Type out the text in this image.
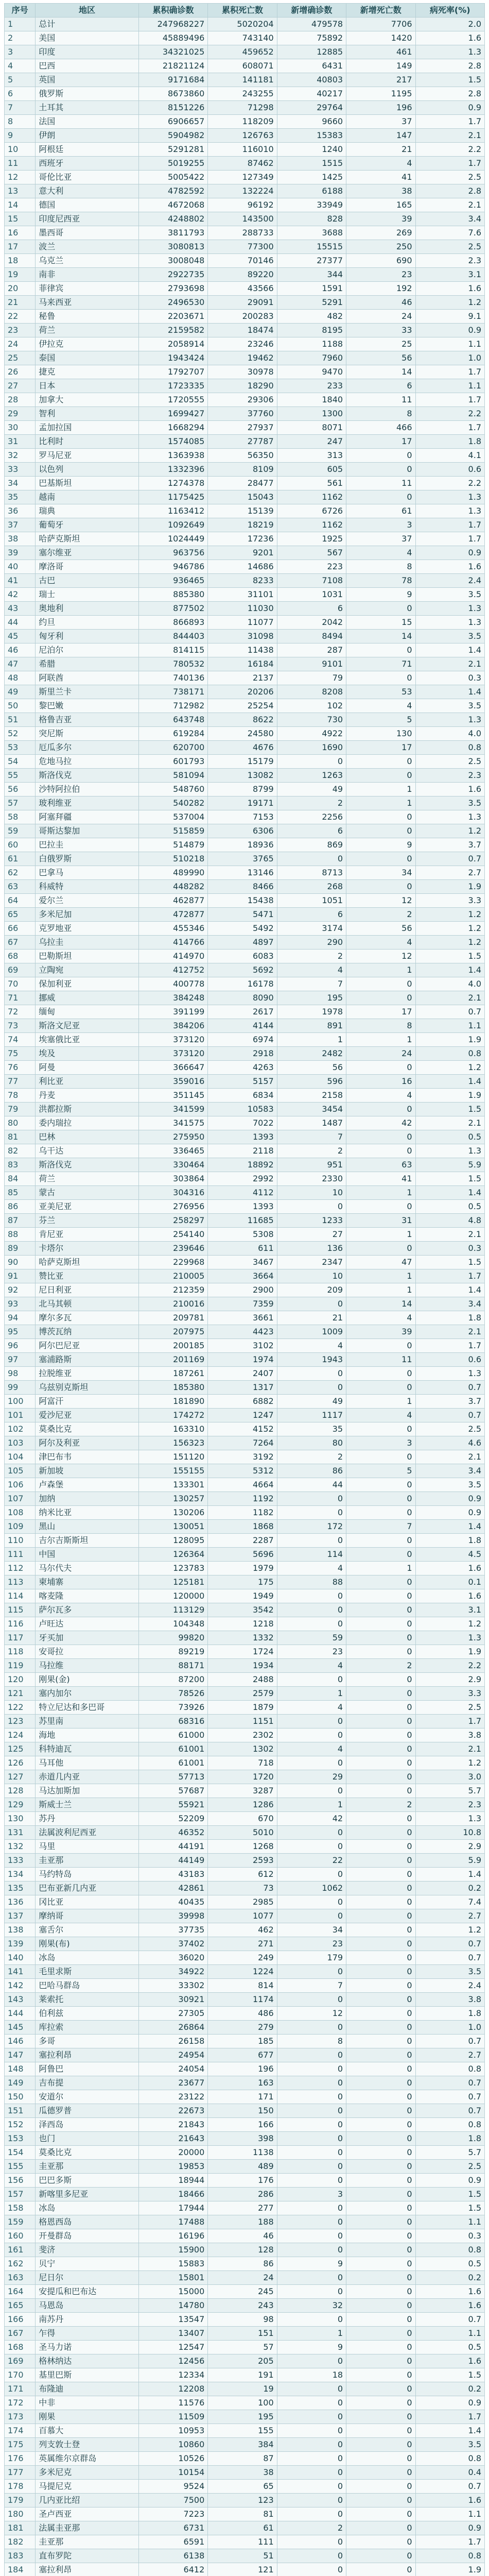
序号	地区	累积确诊数	累积死亡数	新增确诊数	新增死亡数	病死率(%)
1	总计	247968227	5020204	479578	7706	2.0
2	美国	45889496	743140	75892	1420	1.6
3	印度	34321025	459652	12885	461	1.3
4	巴西	21821124	608071	6431	149	2.8
5	英国	9171684	141181	40803	217	1.5
6	俄罗斯	8673860	243255	40217	1195	2.8
7	土耳其	8151226	71298	29764	196	0.9
8	法国	6906657	118209	9660	37	1.7
9	伊朗	5904982	126763	15383	147	2.1
10	阿根廷	5291281	116010	1240	21	2.2
11	西班牙	5019255	87462	1515	4	1.7
12	哥伦比亚	5005422	127349	1425	41	2.5
13	意大利	4782592	132224	6188	38	2.8
14	德国	4672068	96192	33949	165	2.1
15	印度尼西亚	4248802	143500	828	39	3.4
16	墨西哥	3811793	288733	3688	269	7.6
17	波兰	3080813	77300	15515	250	2.5
18	乌克兰	3008048	70146	27377	690	2.3
19	南非	2922735	89220	344	23	3.1
20	菲律宾	2793698	43566	1591	192	1.6
21	马来西亚	2496530	29091	5291	46	1.2
22	秘鲁	2203671	200283	482	24	9.1
23	荷兰	2159582	18474	8195	33	0.9
24	伊拉克	2058914	23246	1188	25	1.1
25	泰国	1943424	19462	7960	56	1.0
26	捷克	1792707	30978	9470	14	1.7
27	日本	1723335	18290	233	6	1.1
28	加拿大	1720555	29306	1840	11	1.7
29	智利	1699427	37760	1300	8	2.2
30	孟加拉国	1668294	27937	8071	466	1.7
31	比利时	1574085	27787	247	17	1.8
32	罗马尼亚	1363938	56350	313	0	4.1
33	以色列	1332396	8109	605	0	0.6
34	巴基斯坦	1274378	28477	561	11	2.2
35	越南	1175425	15043	1162	0	1.3
36	瑞典	1163412	15139	6726	61	1.3
37	葡萄牙	1092649	18219	1162	3	1.7
38	哈萨克斯坦	1024449	17236	1925	37	1.7
39	塞尔维亚	963756	9201	567	4	0.9
40	摩洛哥	946786	14686	223	8	1.6
41	古巴	936465	8233	7108	78	2.4
42	瑞士	885380	31101	1031	9	3.5
43	奥地利	877502	11030	6	0	1.3
44	约旦	866893	11077	2042	15	1.3
45	匈牙利	844403	31098	8494	14	3.5
46	尼泊尔	814115	11438	287	0	1.4
47	希腊	780532	16184	9101	71	2.1
48	阿联酋	740136	2137	79	0	0.3
49	斯里兰卡	738171	20206	8208	53	1.4
50	黎巴嫩	712982	25254	102	4	3.5
51	格鲁吉亚	643748	8622	730	5	1.3
52	突尼斯	619284	24580	4922	130	4.0
53	厄瓜多尔	620700	4676	1690	17	0.8
54	危地马拉	601793	15179	0	0	2.5
55	斯洛伐克	581094	13082	1263	0	2.3
56	沙特阿拉伯	548760	8799	49	1	1.6
57	玻利维亚	540282	19171	2	1	3.5
58	阿塞拜疆	537004	7153	2256	0	1.3
59	哥斯达黎加	515859	6306	6	0	1.2
60	巴拉圭	514879	18936	869	9	3.7
61	白俄罗斯	510218	3765	0	0	0.7
62	巴拿马	489990	13146	8713	34	2.7
63	科威特	448282	8466	268	0	1.9
64	爱尔兰	462877	15438	1051	12	3.3
65	多米尼加	472877	5471	6	2	1.2
66	克罗地亚	455346	5492	3174	56	1.2
67	乌拉圭	414766	4897	290	4	1.2
68	巴勒斯坦	414970	6083	2	12	1.5
69	立陶宛	412752	5692	4	1	1.4
70	保加利亚	400778	16178	7	0	4.0
71	挪威	384248	8090	195	0	2.1
72	缅甸	391199	2617	1978	17	0.7
73	斯洛文尼亚	384206	4144	891	8	1.1
74	埃塞俄比亚	373120	6974	1	1	1.9
75	埃及	373120	2918	2482	24	0.8
76	阿曼	366647	4263	56	0	1.2
77	利比亚	359016	5157	596	16	1.4
78	丹麦	351145	6834	2158	4	1.9
79	洪都拉斯	341599	10583	3454	0	1.5
80	委内瑞拉	341575	7022	1487	42	2.1
81	巴林	275950	1393	7	0	0.5
82	乌干达	336465	2118	2	0	1.3
83	斯洛伐克	330464	18892	951	63	5.9
84	荷兰	303864	2992	2330	41	1.5
85	蒙古	304316	4112	10	1	1.4
86	亚美尼亚	276956	1393	0	0	0.5
87	芬兰	258297	11685	1233	31	4.8
88	肯尼亚	254140	5308	27	1	2.1
89	卡塔尔	239646	611	136	0	0.3
90	哈萨克斯坦	229968	3467	2347	47	1.5
91	赞比亚	210005	3664	10	1	1.7
92	尼日利亚	212359	2900	209	1	1.4
93	北马其顿	210016	7359	0	14	3.4
94	摩尔多瓦	209781	3661	21	4	1.8
95	博茨瓦纳	207975	4423	1009	39	2.1
96	阿尔巴尼亚	200185	3102	4	0	1.7
97	塞浦路斯	201169	1974	1943	11	0.6
98	拉脱维亚	187261	2407	0	0	1.3
99	乌兹别克斯坦	185380	1317	0	0	0.7
100	阿富汗	181890	6882	49	1	3.7
101	爱沙尼亚	174272	1247	1117	4	0.7
102	莫桑比克	163310	4152	35	0	2.5
103	阿尔及利亚	156323	7264	80	3	4.6
104	津巴布韦	151120	3192	2	0	2.1
105	新加坡	155155	5312	86	5	3.4
106	卢森堡	133301	4664	44	0	3.5
107	加纳	130257	1192	0	0	0.9
108	纳米比亚	130206	1182	0	0	0.9
109	黑山	130051	1868	172	7	1.4
110	吉尔吉斯斯坦	128095	2287	0	0	1.8
111	中国	126364	5696	114	0	4.5
112	马尔代夫	123783	1979	4	1	1.6
113	柬埔寨	125181	175	88	0	0.1
114	喀麦隆	120000	1949	0	0	1.6
115	萨尔瓦多	113129	3542	0	0	3.1
116	卢旺达	104348	1218	0	0	1.2
117	牙买加	99820	1332	59	0	1.3
118	安哥拉	89219	1724	23	0	1.9
119	马拉维	88171	1934	4	2	2.2
120	刚果(金)	87200	2488	0	0	2.9
121	塞内加尔	78526	2579	1	0	3.3
122	特立尼达和多巴哥	73926	1879	4	0	2.5
123	苏里南	68316	1151	0	0	1.7
124	海地	61000	2302	0	0	3.8
125	科特迪瓦	61001	1302	4	0	2.1
126	马耳他	61001	718	0	0	1.2
127	赤道几内亚	57713	1720	29	0	3.0
128	马达加斯加	57687	3287	0	0	5.7
129	斯威士兰	55921	1286	1	2	2.3
130	苏丹	52209	670	42	0	1.3
131	法属波利尼西亚	46352	5010	0	0	10.8
132	马里	44191	1268	0	0	2.9
133	圭亚那	44149	2593	22	0	5.9
134	马约特岛	43183	612	0	0	1.4
135	巴布亚新几内亚	42861	73	1062	0	0.2
136	冈比亚	40435	2985	0	0	7.4
137	摩纳哥	39998	1077	0	0	2.7
138	塞舌尔	37735	462	34	0	1.2
139	刚果(布)	37402	271	23	0	0.7
140	冰岛	36020	249	179	0	0.7
141	毛里求斯	34922	1224	0	0	3.5
142	巴哈马群岛	33302	814	7	0	2.4
143	莱索托	30921	1174	0	0	3.8
144	伯利兹	27305	486	12	0	1.8
145	库拉索	26864	279	0	0	1.0
146	多哥	26158	185	8	0	0.7
147	塞拉利昂	24954	677	0	0	2.7
148	阿鲁巴	24054	196	0	0	0.8
149	吉布提	23677	163	0	0	0.7
150	安道尔	23122	171	0	0	0.7
151	瓜德罗普	22673	150	0	0	0.7
152	泽西岛	21843	166	0	0	0.8
153	也门	21643	398	0	0	1.8
154	莫桑比克	20000	1138	0	0	5.7
155	圭亚那	19853	489	0	0	2.5
156	巴巴多斯	18944	176	0	0	0.9
157	新喀里多尼亚	18466	286	3	0	1.5
158	冰岛	17944	277	0	0	1.5
159	格恩西岛	17488	188	0	0	1.1
160	开曼群岛	16196	46	0	0	0.3
161	斐济	15900	128	0	0	0.8
162	贝宁	15883	86	9	0	0.5
163	尼日尔	15801	24	0	0	0.2
164	安提瓜和巴布达	15000	245	0	0	1.6
165	马恩岛	14780	243	32	0	1.6
166	南苏丹	13547	98	0	0	0.7
167	乍得	13407	151	1	0	1.1
168	圣马力诺	12547	57	9	0	0.5
169	格林纳达	12456	205	0	0	1.6
170	基里巴斯	12334	191	18	0	1.5
171	布隆迪	12208	19	0	0	0.2
172	中非	11576	100	0	0	0.9
173	刚果	11509	195	0	0	1.7
174	百慕大	10953	155	0	0	1.4
175	列支敦士登	10860	384	0	0	3.5
176	英属维尔京群岛	10526	87	0	0	0.8
177	多米尼克	10154	38	0	0	0.4
178	马提尼克	9524	65	0	0	0.7
179	几内亚比绍	7500	123	0	0	1.6
180	圣卢西亚	7223	81	0	0	1.1
181	法属圭亚那	6731	61	2	0	0.9
182	圭亚那	6591	111	0	0	1.7
183	直布罗陀	6138	51	0	0	0.8
184	塞拉利昂	6412	121	0	0	1.9
